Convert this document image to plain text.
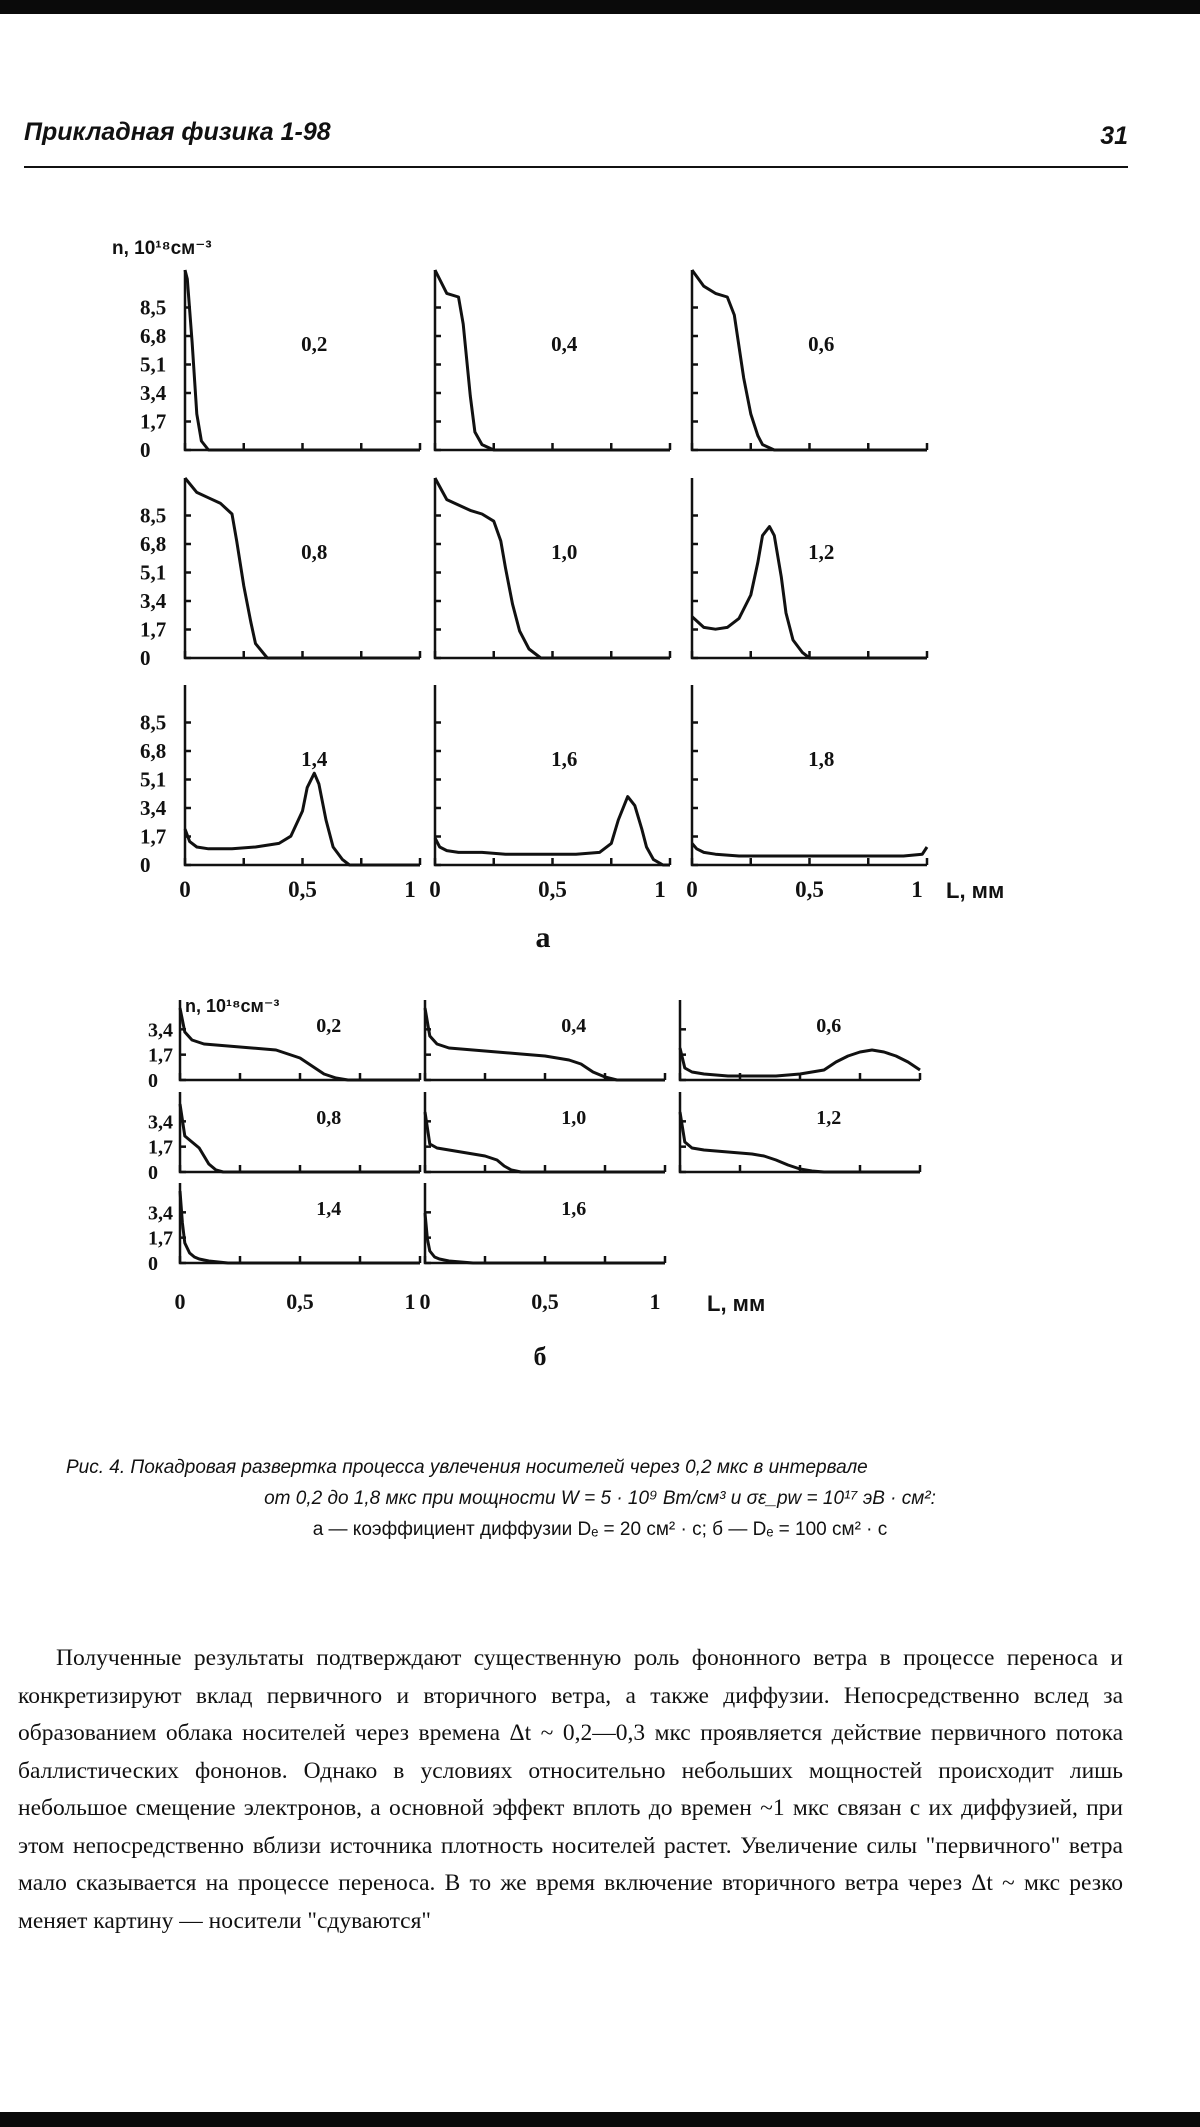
Прикладная физика 1-98	31
0,2	0,4	0,6
0,8	1,0	1,2
1,4	1,6	1,8
0
1,7
3,4
5,1
6,8
8,5
0
1,7
3,4
5,1
6,8
8,5
0
1,7
3,4
5,1
6,8
8,5
n, 10¹⁸см⁻³
0	0,5	1 0	0,5	1 0	0,5	1 L, мм
а
0,2	0,4	0,6
0,8	1,0	1,2
1,4	1,6
0
1,7
3,4
0
1,7
3,4
0
1,7
3,4
n, 10¹⁸см⁻³
0	0,5	1 0	0,5	1 L, мм
б
Рис. 4. Покадровая развертка процесса увлечения носителей через 0,2 мкс в интервале
от 0,2 до 1,8 мкс при мощности W = 5 · 10⁹ Вт/см³ и σε_pw = 10¹⁷ эВ · см²:
а — коэффициент диффузии Dₑ = 20 см² · с; б — Dₑ = 100 см² · с

Полученные результаты подтверждают существенную роль фононного ветра в процессе переноса и конкретизируют вклад первичного и вторичного ветра, а также диффузии. Непосредственно вслед за образованием облака носителей через времена Δt ~ 0,2—0,3 мкс проявляется действие первичного потока баллистических фононов. Однако в условиях относительно небольших мощностей происходит лишь небольшое смещение электронов, а основной эффект вплоть до времен ~1 мкс связан с их диффузией, при этом непосредственно вблизи источника плотность носителей растет. Увеличение силы "первичного" ветра мало сказывается на процессе переноса. В то же время включение вторичного ветра через Δt ~ мкс резко меняет картину — носители "сдуваются"
